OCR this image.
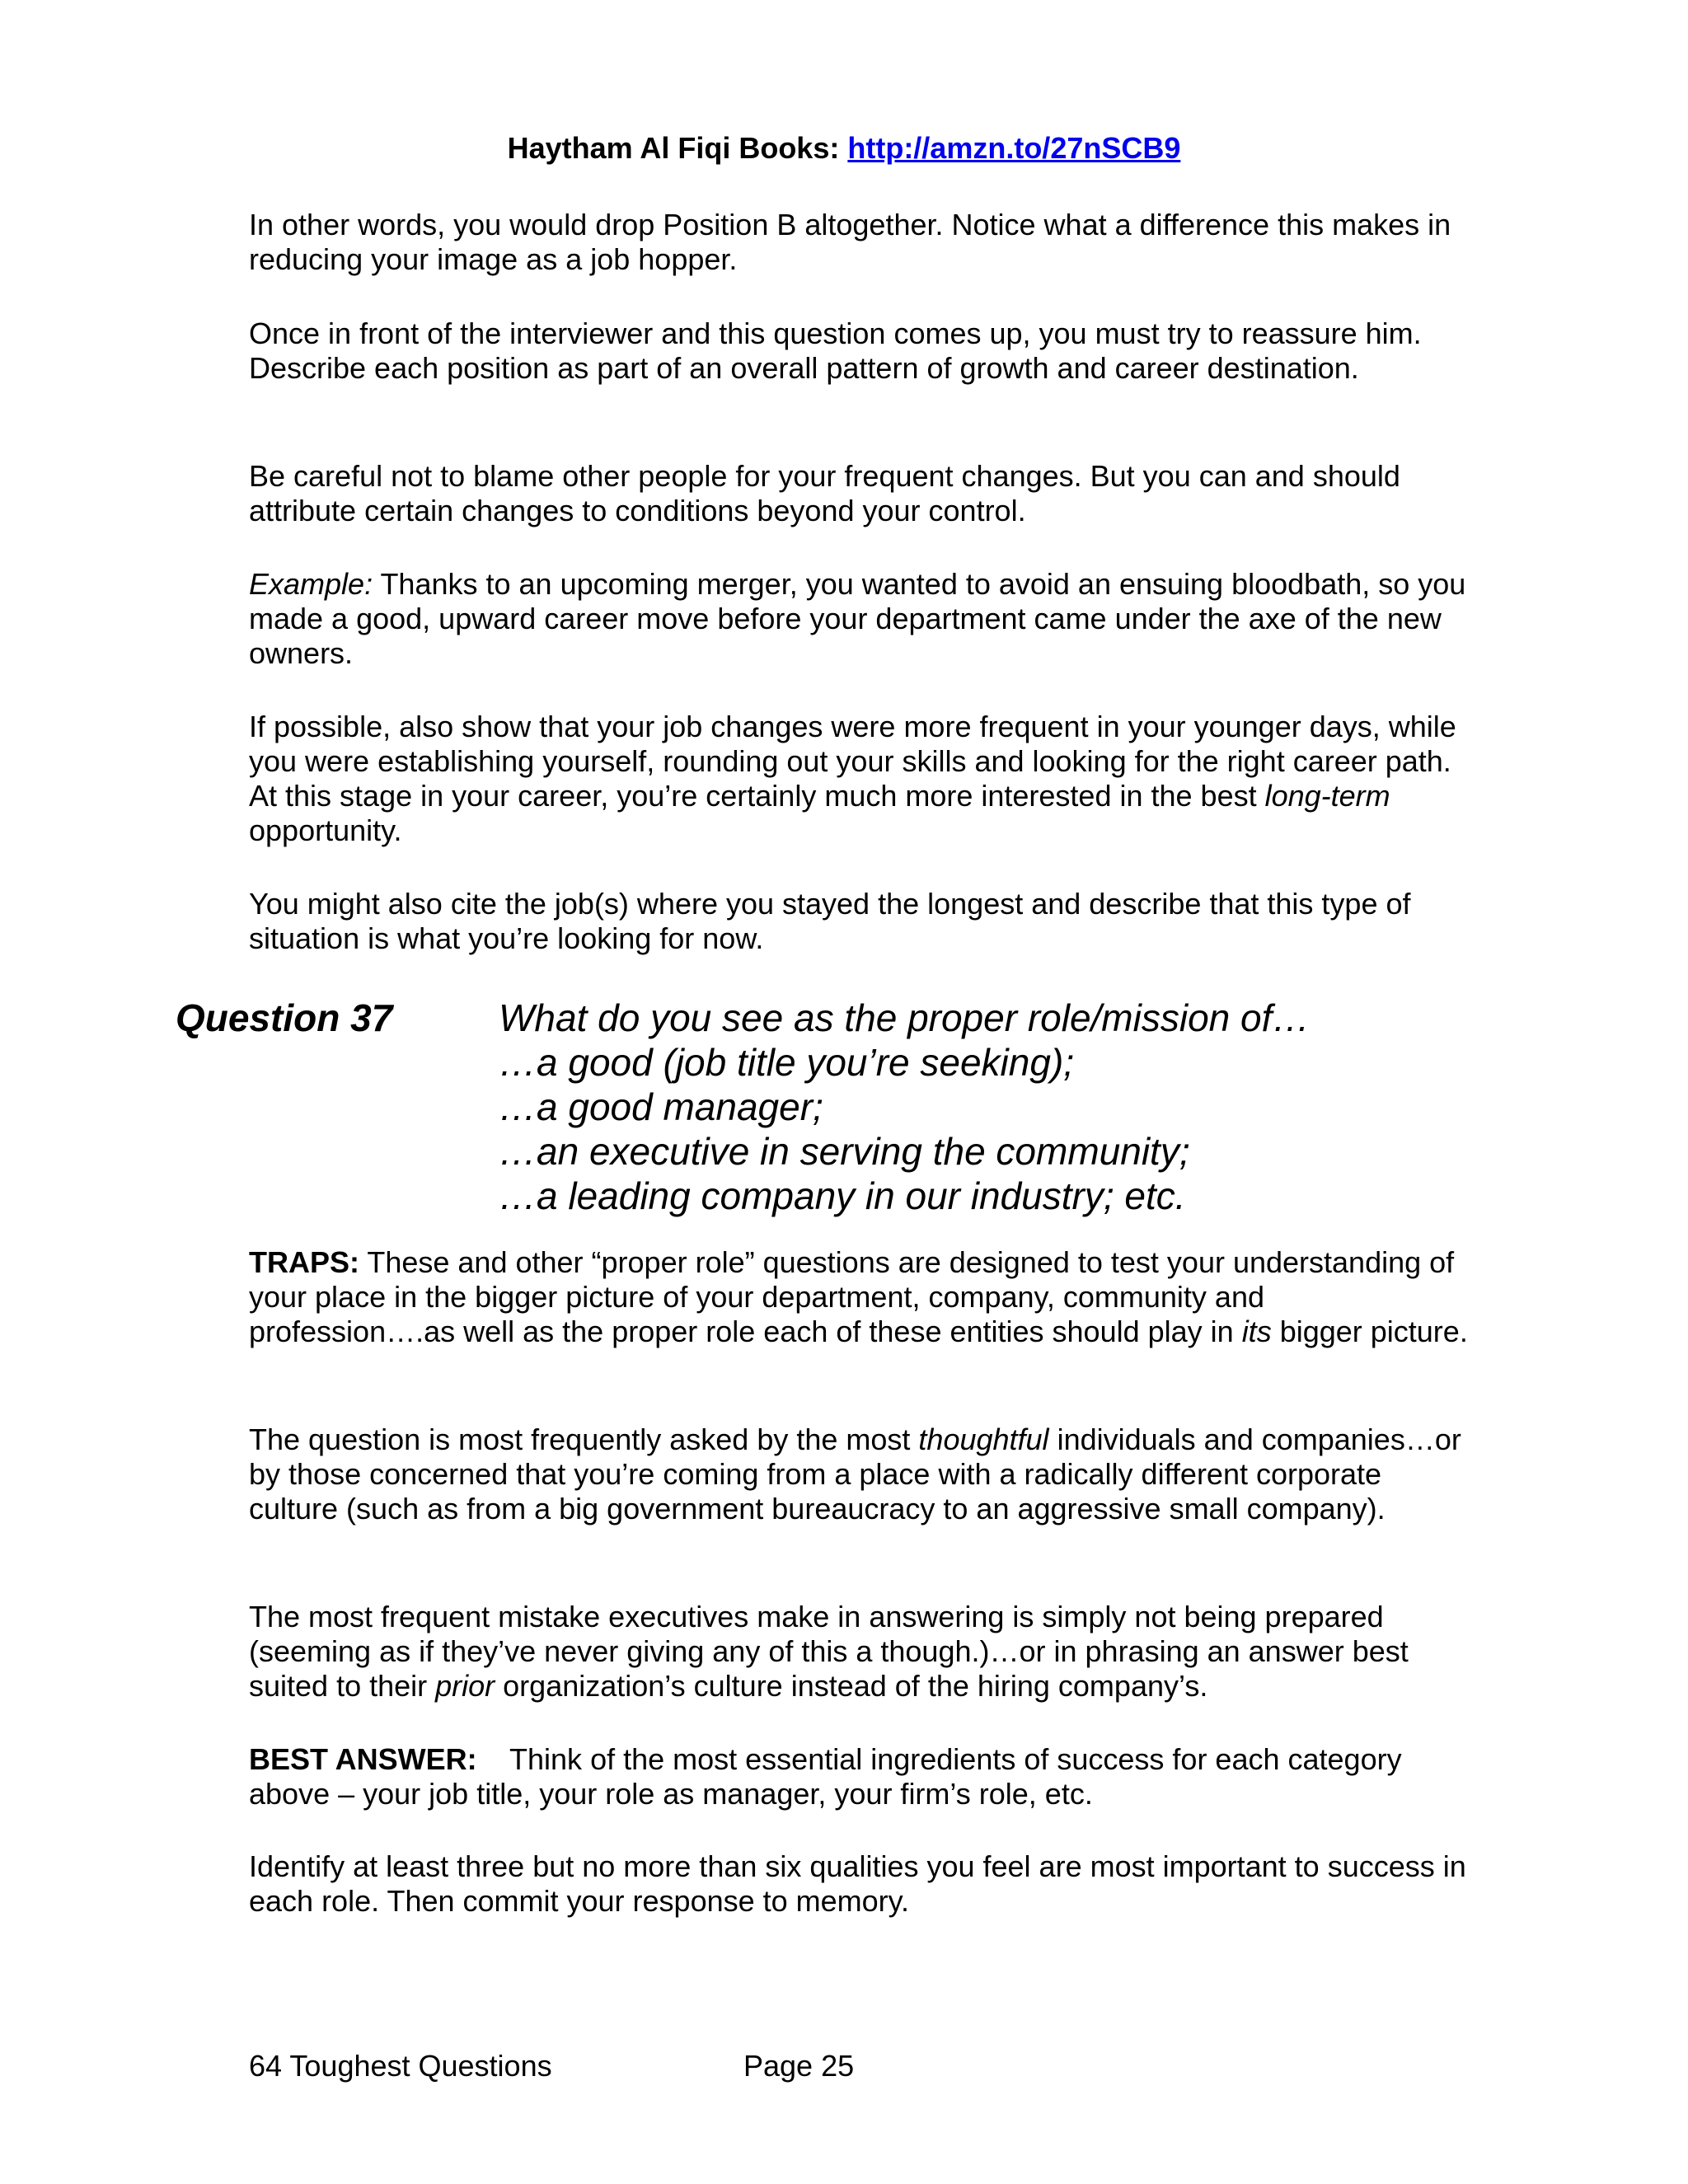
Haytham Al Fiqi Books: http://amzn.to/27nSCB9

In other words, you would drop Position B altogether. Notice what a difference this makes in reducing your image as a job hopper.

Once in front of the interviewer and this question comes up, you must try to reassure him. Describe each position as part of an overall pattern of growth and career destination.

Be careful not to blame other people for your frequent changes. But you can and should attribute certain changes to conditions beyond your control.

Example: Thanks to an upcoming merger, you wanted to avoid an ensuing bloodbath, so you made a good, upward career move before your department came under the axe of the new owners.

If possible, also show that your job changes were more frequent in your younger days, while you were establishing yourself, rounding out your skills and looking for the right career path. At this stage in your career, you’re certainly much more interested in the best long-term opportunity.

You might also cite the job(s) where you stayed the longest and describe that this type of situation is what you’re looking for now.

Question 37	What do you see as the proper role/mission of…
…a good (job title you’re seeking);
…a good manager;
…an executive in serving the community;
…a leading company in our industry; etc.

TRAPS: These and other “proper role” questions are designed to test your understanding of your place in the bigger picture of your department, company, community and profession….as well as the proper role each of these entities should play in its bigger picture.

The question is most frequently asked by the most thoughtful individuals and companies…or by those concerned that you’re coming from a place with a radically different corporate culture (such as from a big government bureaucracy to an aggressive small company).

The most frequent mistake executives make in answering is simply not being prepared (seeming as if they’ve never giving any of this a though.)…or in phrasing an answer best suited to their prior organization’s culture instead of the hiring company’s.

BEST ANSWER:    Think of the most essential ingredients of success for each category above – your job title, your role as manager, your firm’s role, etc.

Identify at least three but no more than six qualities you feel are most important to success in each role. Then commit your response to memory.

64 Toughest Questions	Page 25
